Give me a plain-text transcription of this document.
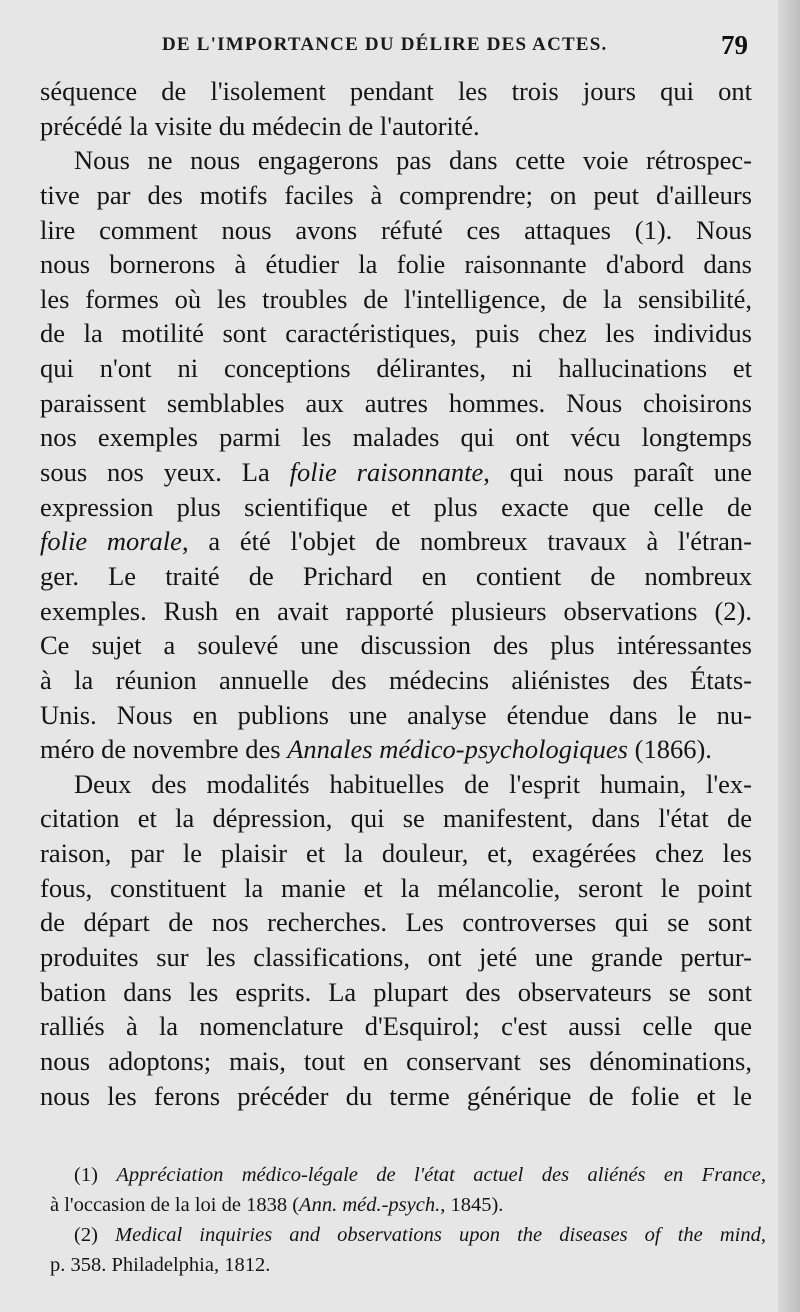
DE L'IMPORTANCE DU DÉLIRE DES ACTES.	79
séquence de l'isolement pendant les trois jours qui ont
précédé la visite du médecin de l'autorité.
Nous ne nous engagerons pas dans cette voie rétrospec-
tive par des motifs faciles à comprendre; on peut d'ailleurs
lire comment nous avons réfuté ces attaques (1). Nous
nous bornerons à étudier la folie raisonnante d'abord dans
les formes où les troubles de l'intelligence, de la sensibilité,
de la motilité sont caractéristiques, puis chez les individus
qui n'ont ni conceptions délirantes, ni hallucinations et
paraissent semblables aux autres hommes. Nous choisirons
nos exemples parmi les malades qui ont vécu longtemps
sous nos yeux. La folie raisonnante, qui nous paraît une
expression plus scientifique et plus exacte que celle de
folie morale, a été l'objet de nombreux travaux à l'étran-
ger. Le traité de Prichard en contient de nombreux
exemples. Rush en avait rapporté plusieurs observations (2).
Ce sujet a soulevé une discussion des plus intéressantes
à la réunion annuelle des médecins aliénistes des États-
Unis. Nous en publions une analyse étendue dans le nu-
méro de novembre des Annales médico-psychologiques (1866).
Deux des modalités habituelles de l'esprit humain, l'ex-
citation et la dépression, qui se manifestent, dans l'état de
raison, par le plaisir et la douleur, et, exagérées chez les
fous, constituent la manie et la mélancolie, seront le point
de départ de nos recherches. Les controverses qui se sont
produites sur les classifications, ont jeté une grande pertur-
bation dans les esprits. La plupart des observateurs se sont
ralliés à la nomenclature d'Esquirol; c'est aussi celle que
nous adoptons; mais, tout en conservant ses dénominations,
nous les ferons précéder du terme générique de folie et le
(1) Appréciation médico-légale de l'état actuel des aliénés en France,
à l'occasion de la loi de 1838 (Ann. méd.-psych., 1845).
(2) Medical inquiries and observations upon the diseases of the mind,
p. 358. Philadelphia, 1812.
